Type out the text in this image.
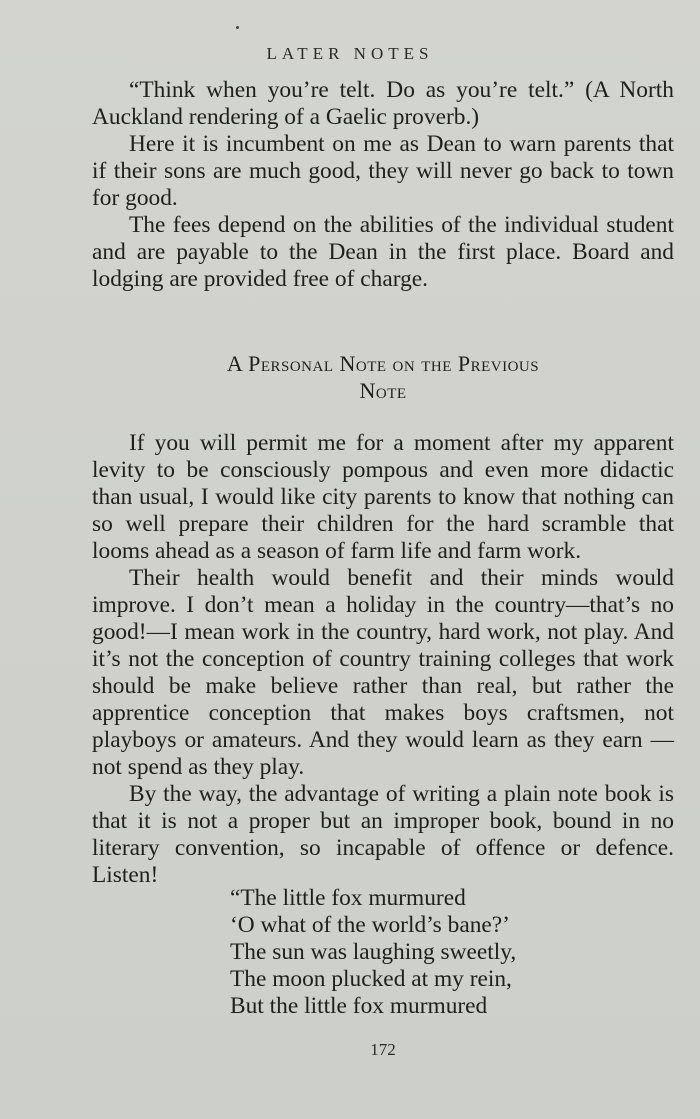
LATER NOTES

“Think when you’re telt. Do as you’re telt.” (A North Auckland rendering of a Gaelic proverb.)

Here it is incumbent on me as Dean to warn parents that if their sons are much good, they will never go back to town for good.

The fees depend on the abilities of the individual student and are payable to the Dean in the first place. Board and lodging are provided free of charge.

A Personal Note on the Previous
Note

If you will permit me for a moment after my apparent levity to be consciously pompous and even more didactic than usual, I would like city parents to know that nothing can so well prepare their children for the hard scramble that looms ahead as a season of farm life and farm work.

Their health would benefit and their minds would improve. I don’t mean a holiday in the country—that’s no good!—I mean work in the country, hard work, not play. And it’s not the conception of country training colleges that work should be make believe rather than real, but rather the apprentice conception that makes boys craftsmen, not playboys or amateurs. And they would learn as they earn —not spend as they play.

By the way, the advantage of writing a plain note book is that it is not a proper but an improper book, bound in no literary convention, so incapable of offence or defence. Listen!

“The little fox murmured
‘O what of the world’s bane?’
The sun was laughing sweetly,
The moon plucked at my rein,
But the little fox murmured
172
